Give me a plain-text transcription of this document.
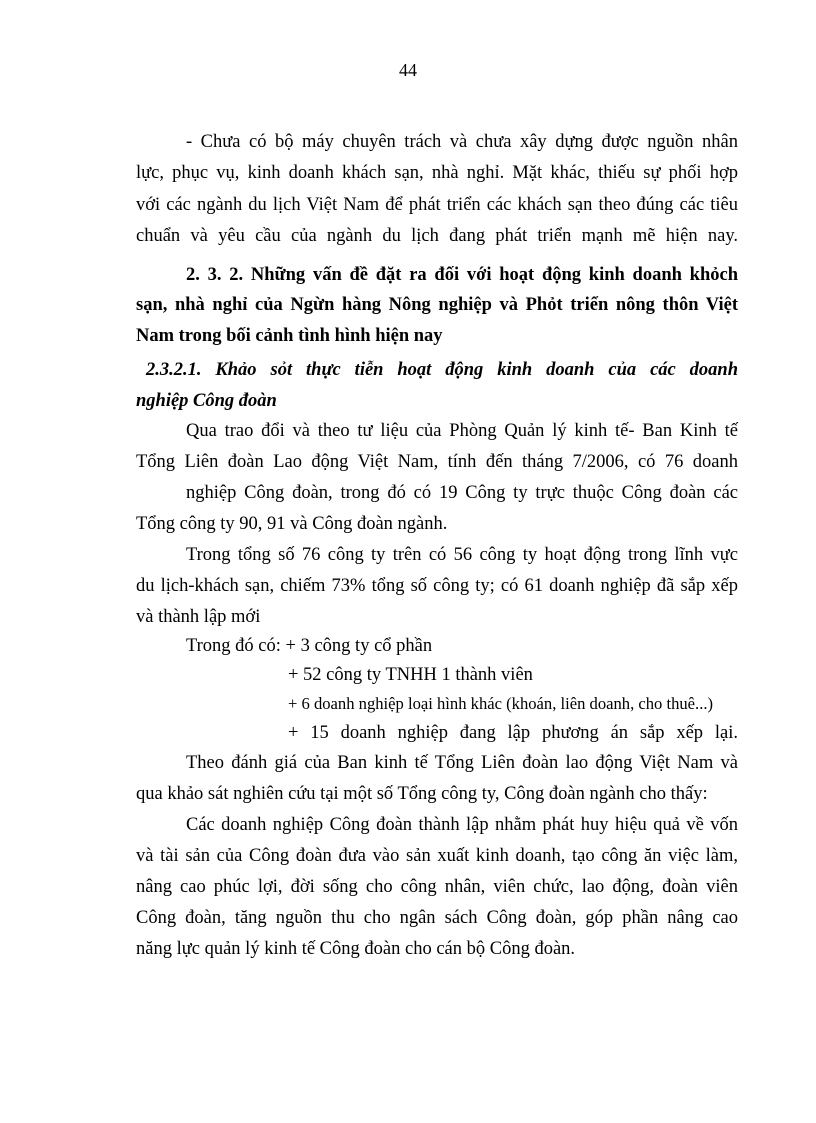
44
- Chưa có bộ máy chuyên trách và chưa xây dựng được nguồn nhân
lực, phục vụ, kinh doanh khách sạn, nhà nghỉ. Mặt khác, thiếu sự phối hợp
với các ngành du lịch Việt Nam để phát triển các khách sạn theo đúng các tiêu
chuẩn và yêu cầu của ngành du lịch đang phát triển mạnh mẽ hiện nay.
2. 3. 2. Những vấn đề đặt ra đối với hoạt động kinh doanh khỏch
sạn, nhà nghỉ của Ngừn hàng Nông nghiệp và Phỏt triển nông thôn Việt
Nam trong bối cảnh tình hình hiện nay
2.3.2.1. Khảo sỏt thực tiễn hoạt động kinh doanh của các doanh
nghiệp Công đoàn
Qua trao đổi và theo tư liệu của Phòng Quản lý kinh tế- Ban Kinh tế
Tổng Liên đoàn Lao động Việt Nam, tính đến tháng 7/2006, có 76 doanh
nghiệp Công đoàn, trong đó có 19 Công ty trực thuộc Công đoàn các
Tổng công ty 90, 91 và Công đoàn ngành.
Trong tổng số 76 công ty trên có 56 công ty hoạt động trong lĩnh vực
du lịch-khách sạn, chiếm 73% tổng số công ty; có 61 doanh nghiệp đã sắp xếp
và thành lập mới
Trong đó có: + 3 công ty cổ phần
+ 52 công ty TNHH 1 thành viên
+ 6 doanh nghiệp loại hình khác (khoán, liên doanh, cho thuê...)
+ 15 doanh nghiệp đang lập phương án sắp xếp lại.
Theo đánh giá của Ban kinh tế Tổng Liên đoàn lao động Việt Nam và
qua khảo sát nghiên cứu tại một số Tổng công ty, Công đoàn ngành cho thấy:
Các doanh nghiệp Công đoàn thành lập nhằm phát huy hiệu quả về vốn
và tài sản của Công đoàn đưa vào sản xuất kinh doanh, tạo công ăn việc làm,
nâng cao phúc lợi, đời sống cho công nhân, viên chức, lao động, đoàn viên
Công đoàn, tăng nguồn thu cho ngân sách Công đoàn, góp phần nâng cao
năng lực quản lý kinh tế Công đoàn cho cán bộ Công đoàn.
